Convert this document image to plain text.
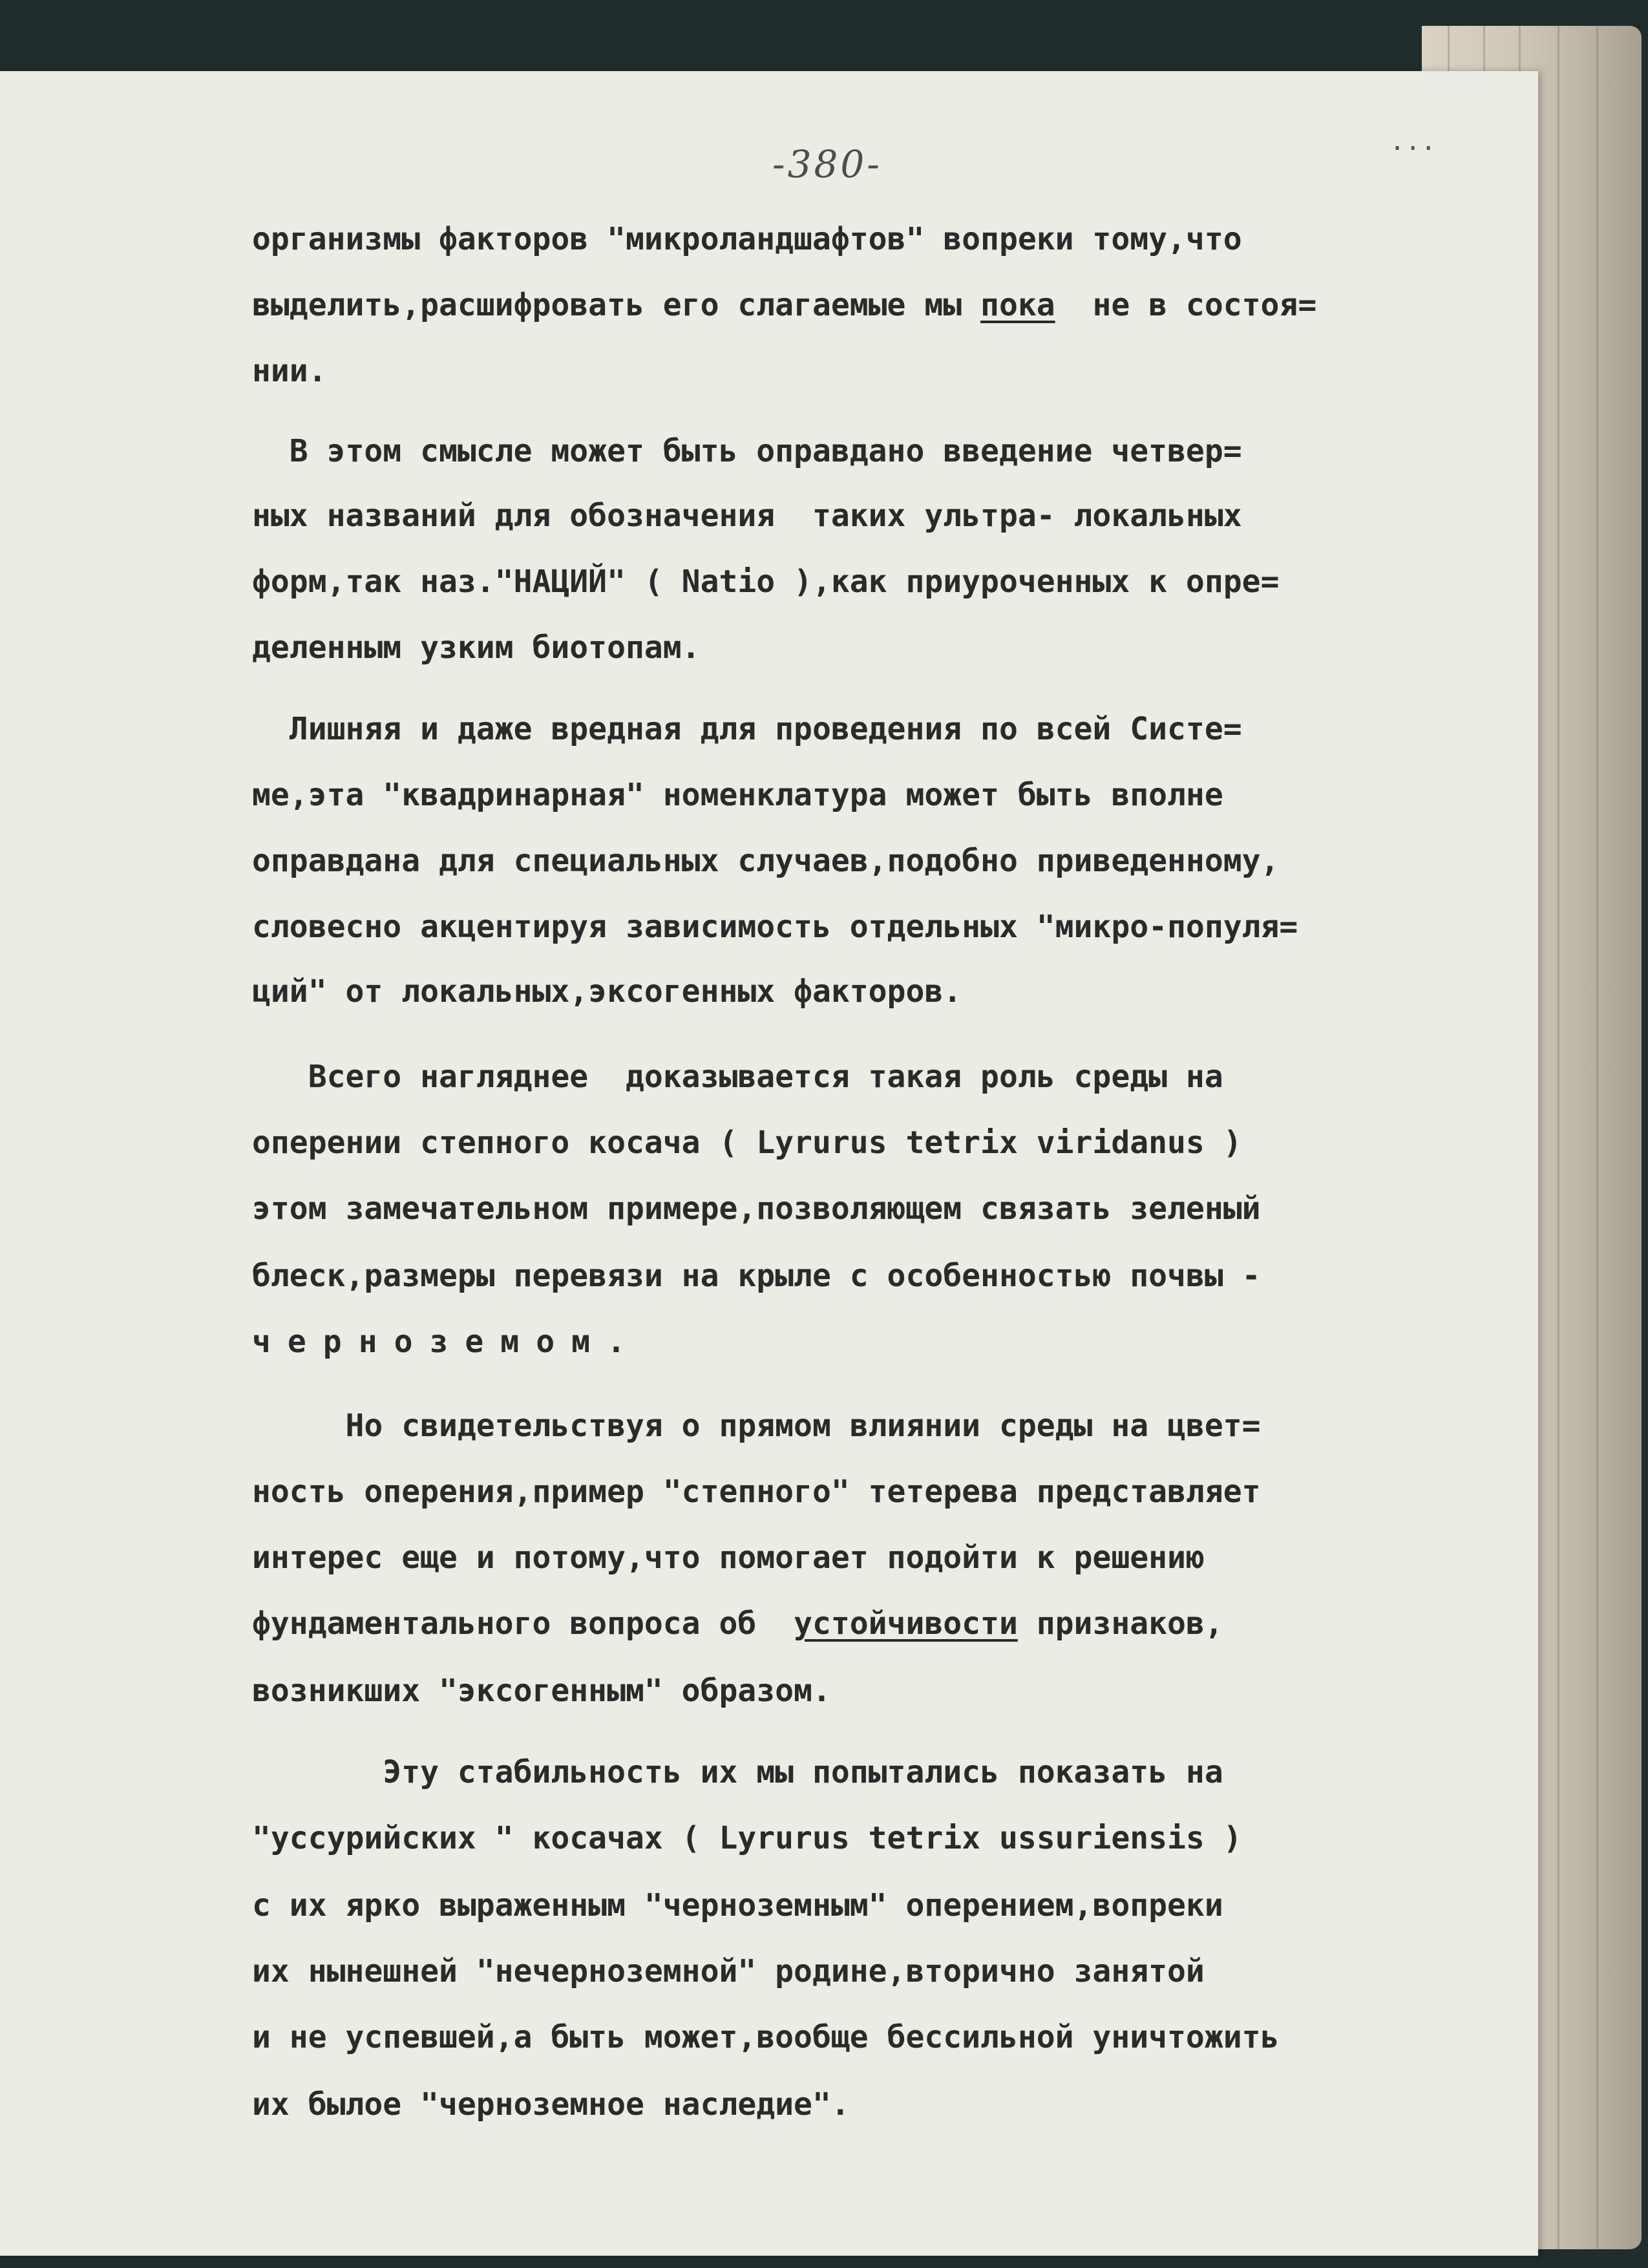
-380-
...
организмы факторов "микроландшафтов" вопреки тому,что
выделить,расшифровать его слагаемые мы пока  не в состоя=
нии.
В этом смысле может быть оправдано введение четвер=
ных названий для обозначения  таких ультра- локальных
форм,так наз."НАЦИЙ" ( Natio ),как приуроченных к опре=
деленным узким биотопам.
Лишняя и даже вредная для проведения по всей Систе=
ме,эта "квадринарная" номенклатура может быть вполне
оправдана для специальных случаев,подобно приведенному,
словесно акцентируя зависимость отдельных "микро-популя=
ций" от локальных,эксогенных факторов.
Всего нагляднее  доказывается такая роль среды на
оперении степного косача ( Lyrurus tetrix viridanus )
этом замечательном примере,позволяющем связать зеленый
блеск,размеры перевязи на крыле с особенностью почвы -
черноземом.
Но свидетельствуя о прямом влиянии среды на цвет=
ность оперения,пример "степного" тетерева представляет
интерес еще и потому,что помогает подойти к решению
фундаментального вопроса об  устойчивости признаков,
возникших "эксогенным" образом.
Эту стабильность их мы попытались показать на
"уссурийских " косачах ( Lyrurus tetrix ussuriensis )
с их ярко выраженным "черноземным" оперением,вопреки
их нынешней "нечерноземной" родине,вторично занятой
и не успевшей,а быть может,вообще бессильной уничтожить
их былое "черноземное наследие".
